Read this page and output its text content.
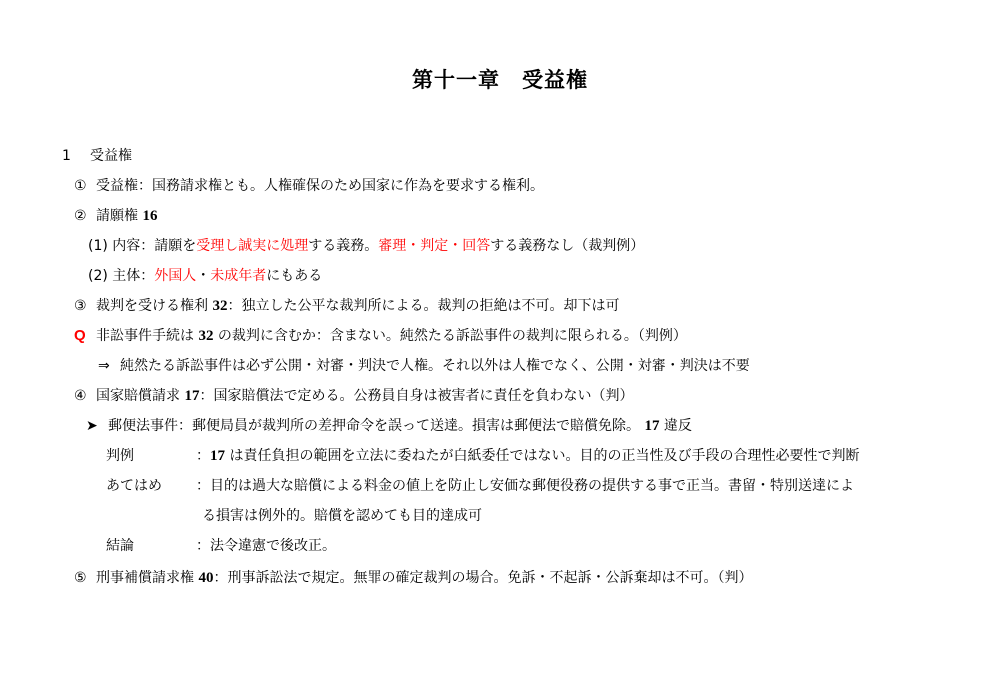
第十一章 受益権
1 受益権
① 受益権：国務請求権とも。人権確保のため国家に作為を要求する権利。
② 請願権 16
(1) 内容：請願を受理し誠実に処理する義務。審理・判定・回答する義務なし（裁判例）
(2) 主体：外国人・未成年者にもある
③ 裁判を受ける権利 32：独立した公平な裁判所による。裁判の拒絶は不可。却下は可
Q 非訟事件手続は 32 の裁判に含むか：含まない。純然たる訴訟事件の裁判に限られる。（判例）
⇒ 純然たる訴訟事件は必ず公開・対審・判決で人権。それ以外は人権でなく、公開・対審・判決は不要
④ 国家賠償請求 17：国家賠償法で定める。公務員自身は被害者に責任を負わない（判）
➤ 郵便法事件：郵便局員が裁判所の差押命令を誤って送達。損害は郵便法で賠償免除。 17 違反
判例	：17 は責任負担の範囲を立法に委ねたが白紙委任ではない。目的の正当性及び手段の合理性必要性で判断
あてはめ ：目的は過大な賠償による料金の値上を防止し安価な郵便役務の提供する事で正当。書留・特別送達によ
る損害は例外的。賠償を認めても目的達成可
結論	：法令違憲で後改正。
⑤ 刑事補償請求権 40：刑事訴訟法で規定。無罪の確定裁判の場合。免訴・不起訴・公訴棄却は不可。（判）
